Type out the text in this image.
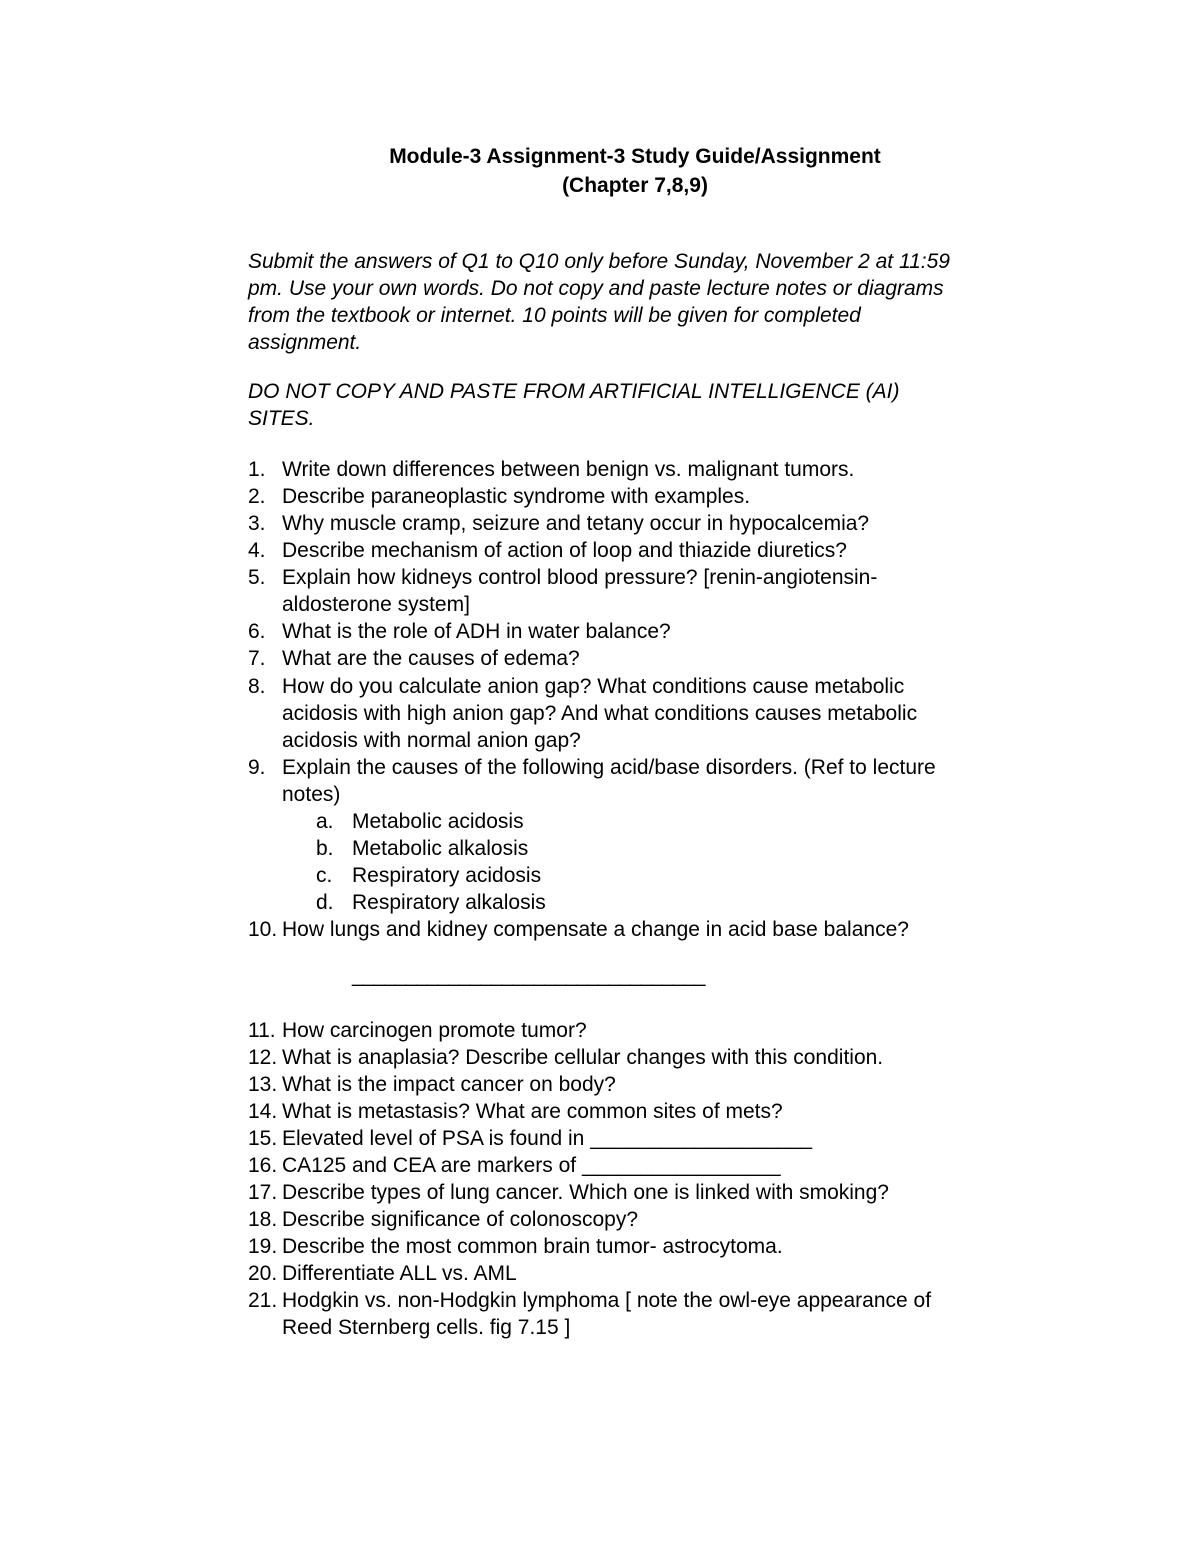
Module-3 Assignment-3 Study Guide/Assignment
(Chapter 7,8,9)
Submit the answers of Q1 to Q10 only before Sunday, November 2 at 11:59
pm. Use your own words. Do not copy and paste lecture notes or diagrams
from the textbook or internet. 10 points will be given for completed
assignment.
DO NOT COPY AND PASTE FROM ARTIFICIAL INTELLIGENCE (AI)
SITES.
1. Write down differences between benign vs. malignant tumors.
2. Describe paraneoplastic syndrome with examples.
3. Why muscle cramp, seizure and tetany occur in hypocalcemia?
4. Describe mechanism of action of loop and thiazide diuretics?
5. Explain how kidneys control blood pressure? [renin-angiotensin-
aldosterone system]
6. What is the role of ADH in water balance?
7. What are the causes of edema?
8. How do you calculate anion gap? What conditions cause metabolic
acidosis with high anion gap? And what conditions causes metabolic
acidosis with normal anion gap?
9. Explain the causes of the following acid/base disorders. (Ref to lecture
notes)
a. Metabolic acidosis
b. Metabolic alkalosis
c. Respiratory acidosis
d. Respiratory alkalosis
10. How lungs and kidney compensate a change in acid base balance?
_________________________________
11. How carcinogen promote tumor?
12. What is anaplasia? Describe cellular changes with this condition.
13. What is the impact cancer on body?
14. What is metastasis? What are common sites of mets?
15. Elevated level of PSA is found in ___________________
16. CA125 and CEA are markers of _________________
17. Describe types of lung cancer. Which one is linked with smoking?
18. Describe significance of colonoscopy?
19. Describe the most common brain tumor- astrocytoma.
20. Differentiate ALL vs. AML
21. Hodgkin vs. non-Hodgkin lymphoma [ note the owl-eye appearance of
Reed Sternberg cells. fig 7.15 ]
